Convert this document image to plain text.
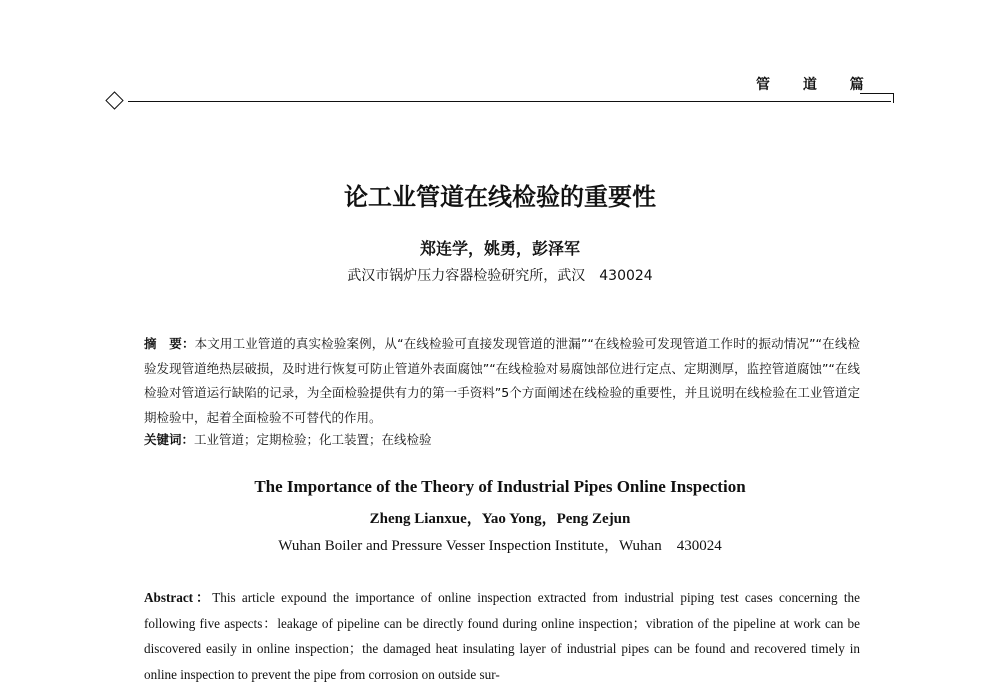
管 道 篇
论工业管道在线检验的重要性
郑连学，姚勇，彭泽军
武汉市锅炉压力容器检验研究所，武汉　430024
摘　要：本文用工业管道的真实检验案例，从“在线检验可直接发现管道的泄漏”“在线检验可发现管道工作时的振动情况”“在线检验发现管道绝热层破损，及时进行恢复可防止管道外表面腐蚀”“在线检验对易腐蚀部位进行定点、定期测厚，监控管道腐蚀”“在线检验对管道运行缺陷的记录，为全面检验提供有力的第一手资料”5个方面阐述在线检验的重要性，并且说明在线检验在工业管道定期检验中，起着全面检验不可替代的作用。
关键词：工业管道；定期检验；化工装置；在线检验
The Importance of the Theory of Industrial Pipes Online Inspection
Zheng Lianxue，Yao Yong，Peng Zejun
Wuhan Boiler and Pressure Vesser Inspection Institute，Wuhan　430024
Abstract：This article expound the importance of online inspection extracted from industrial piping test cases concerning the following five aspects：leakage of pipeline can be directly found during online inspection；vibration of the pipeline at work can be discovered easily in online inspection；the damaged heat insulating layer of industrial pipes can be found and recovered timely in online inspection to prevent the pipe from corrosion on outside sur-
